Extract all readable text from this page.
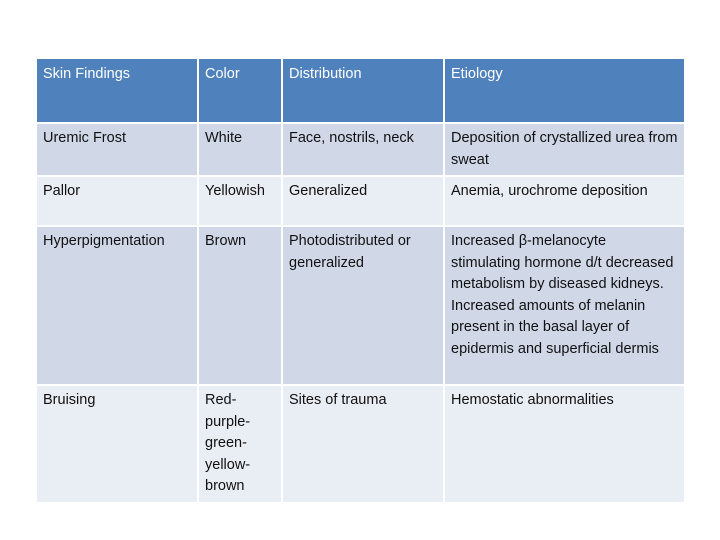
Skin Findings	Color	Distribution	Etiology
Uremic Frost	White	Face, nostrils, neck	Deposition of crystallized urea from sweat
Pallor	Yellowish	Generalized	Anemia, urochrome deposition
Hyperpigmentation	Brown	Photodistributed or generalized	Increased β-melanocyte stimulating hormone d/t decreased metabolism by diseased kidneys. Increased amounts of melanin present in the basal layer of epidermis and superficial dermis
Bruising	Red-purple-green-yellow-brown	Sites of trauma	Hemostatic abnormalities
